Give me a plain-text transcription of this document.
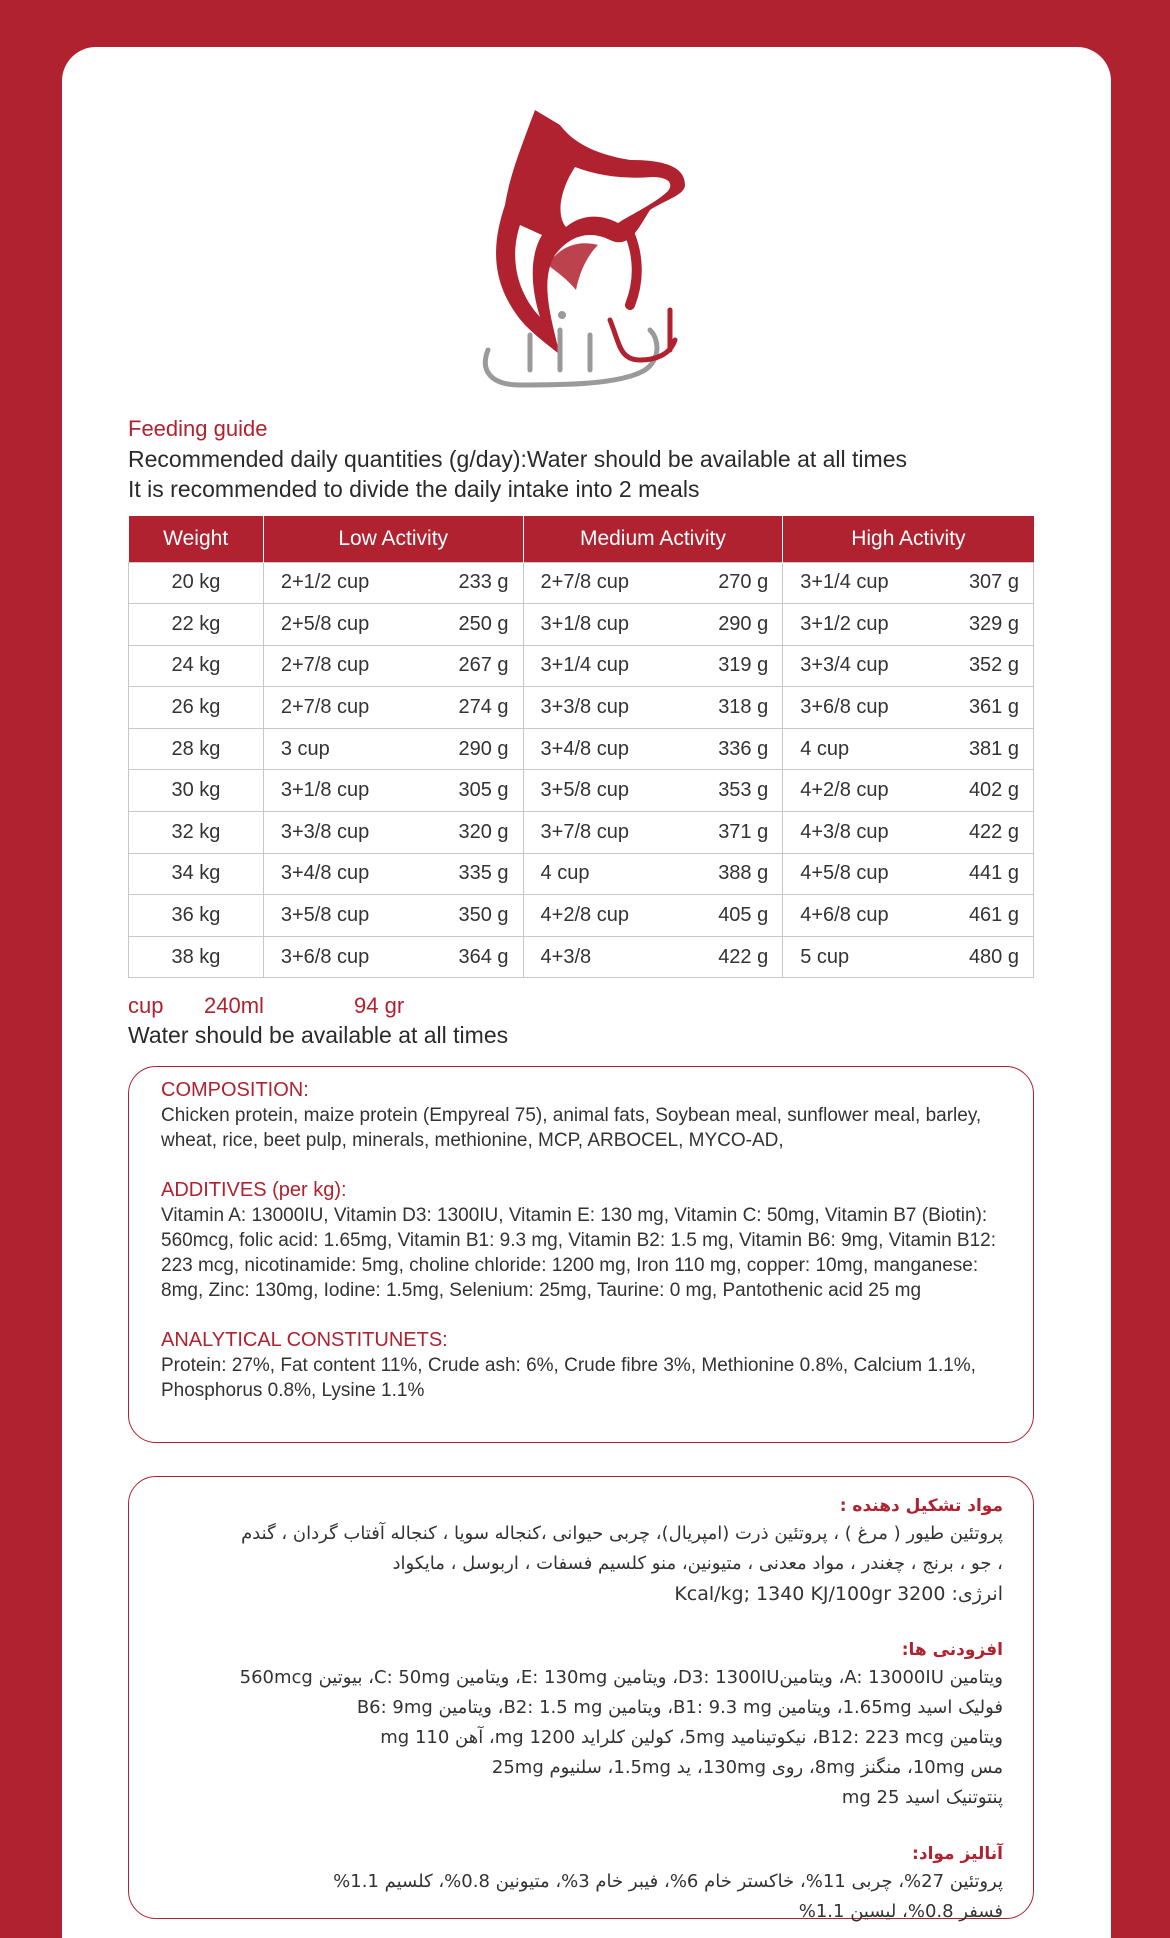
Feeding guide
Recommended daily quantities (g/day):Water should be available at all times
It is recommended to divide the daily intake into 2 meals
Weight	Low Activity	Medium Activity	High Activity
20 kg	2+1/2 cup 233 g	2+7/8 cup 270 g	3+1/4 cup 307 g

22 kg	2+5/8 cup 250 g	3+1/8 cup 290 g	3+1/2 cup 329 g

24 kg	2+7/8 cup 267 g	3+1/4 cup 319 g	3+3/4 cup 352 g

26 kg	2+7/8 cup 274 g	3+3/8 cup 318 g	3+6/8 cup 361 g

28 kg	3 cup 290 g	3+4/8 cup 336 g	4 cup 381 g

30 kg	3+1/8 cup 305 g	3+5/8 cup 353 g	4+2/8 cup 402 g

32 kg	3+3/8 cup 320 g	3+7/8 cup 371 g	4+3/8 cup 422 g

34 kg	3+4/8 cup 335 g	4 cup 388 g	4+5/8 cup 441 g

36 kg	3+5/8 cup 350 g	4+2/8 cup 405 g	4+6/8 cup 461 g

38 kg	3+6/8 cup 364 g	4+3/8 422 g	5 cup 480 g
cup 240ml	94 gr
Water should be available at all times
COMPOSITION:
Chicken protein, maize protein (Empyreal 75), animal fats, Soybean meal, sunflower meal, barley, wheat, rice, beet pulp, minerals, methionine, MCP, ARBOCEL, MYCO-AD,
ADDITIVES (per kg):
Vitamin A: 13000IU, Vitamin D3: 1300IU, Vitamin E: 130 mg, Vitamin C: 50mg, Vitamin B7 (Biotin): 560mcg, folic acid: 1.65mg, Vitamin B1: 9.3 mg, Vitamin B2: 1.5 mg, Vitamin B6: 9mg, Vitamin B12: 223 mcg, nicotinamide: 5mg, choline chloride: 1200 mg, Iron 110 mg, copper: 10mg, manganese: 8mg, Zinc: 130mg, Iodine: 1.5mg, Selenium: 25mg, Taurine: 0 mg, Pantothenic acid 25 mg
ANALYTICAL CONSTITUNETS:
Protein: 27%, Fat content 11%, Crude ash: 6%, Crude fibre 3%, Methionine 0.8%, Calcium 1.1%, Phosphorus 0.8%, Lysine 1.1%
مواد تشکیل دهنده :
پروتئین طیور ( مرغ ) ، پروتئین ذرت (امپریال)، چربی حیوانی ،کنجاله سویا ، کنجاله آفتاب گردان ، گندم
، جو ، برنج ، چغندر ، مواد معدنی ، متیونین، منو کلسیم فسفات ، اربوسل ، مایکواد
انرژی: 3200 Kcal/kg; 1340 KJ/100gr
افزودنی ها:
ویتامین A: 13000IU، ویتامینD3: 1300IU، ویتامین E: 130mg، ویتامین C: 50mg، بیوتین 560mcg
فولیک اسید 1.65mg، ویتامین B1: 9.3 mg، ویتامین B2: 1.5 mg، ویتامین B6: 9mg
ویتامین B12: 223 mcg، نیکوتینامید 5mg، کولین کلراید 1200 mg، آهن 110 mg
مس 10mg، منگنز 8mg، روی 130mg، ید 1.5mg، سلنیوم 25mg
پنتوتنیک اسید 25 mg
آنالیز مواد:
پروتئین 27%، چربی 11%، خاکستر خام 6%، فیبر خام 3%، متیونین 0.8%، کلسیم 1.1%
فسفر 0.8%، لیسین 1.1%
